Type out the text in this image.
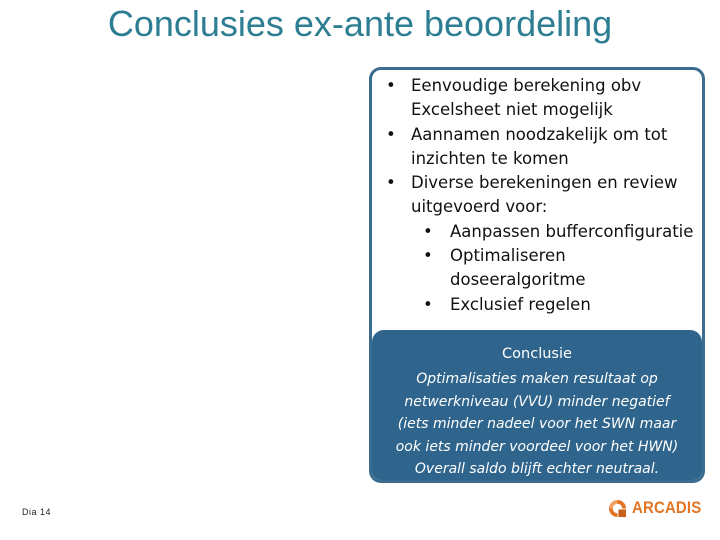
Conclusies ex-ante beoordeling
• Eenvoudige berekening obv
Excelsheet niet mogelijk
• Aannamen noodzakelijk om tot
inzichten te komen
• Diverse berekeningen en review
uitgevoerd voor:
• Aanpassen bufferconfiguratie
• Optimaliseren
doseeralgoritme
• Exclusief regelen
Conclusie
Optimalisaties maken resultaat op
netwerkniveau (VVU) minder negatief
(iets minder nadeel voor het SWN maar
ook iets minder voordeel voor het HWN)
Overall saldo blijft echter neutraal.
Dia 14	ARCADIS
